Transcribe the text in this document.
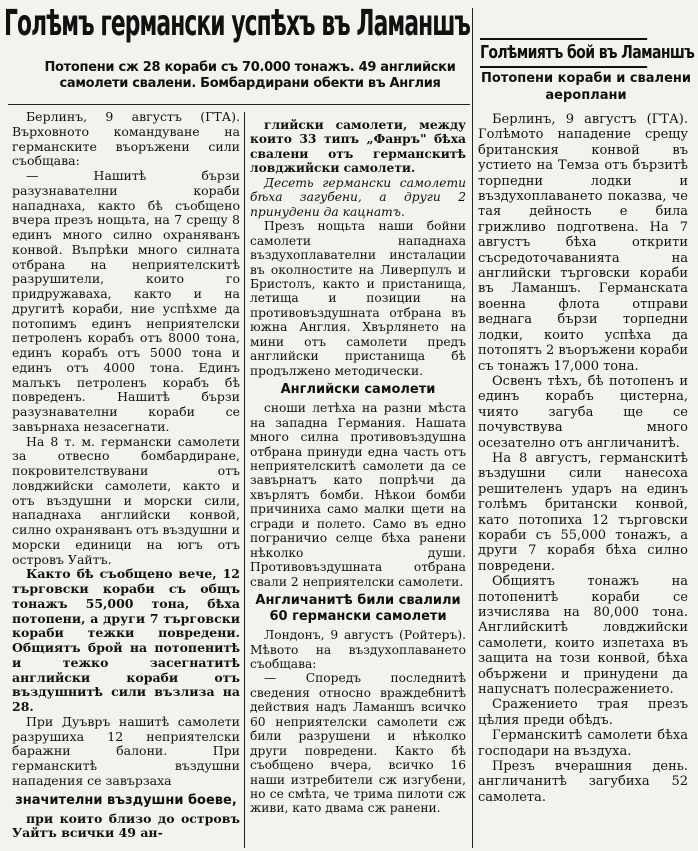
Голѣмъ германски успѣхъ въ Ламаншъ
Потопени сж 28 кораби съ 70.000 тонажъ. 49 английски самолети свалени. Бомбардирани обекти въ Англия
Голѣмиятъ бой въ Ламаншъ
Потопени кораби и свалени аероплани

Берлинъ, 9 августъ (ГТА). Върховното командуване на германските въоръжени сили съобщава:

— Нашитѣ бързи разузнавателни кораби нападнаха, както бѣ съобщено вчера презъ нощьта, на 7 срещу 8 единъ много силно охраняванъ конвой. Въпрѣки много силната отбрана на неприятелскитѣ разрушители, които го придружаваха, както и на другитѣ кораби, ние успѣхме да потопимъ единъ неприятелски петроленъ корабъ отъ 8000 тона, единъ корабъ отъ 5000 тона и единъ отъ 4000 тона. Единъ малъкъ петроленъ корабъ бѣ повреденъ. Нашитѣ бързи разузнавателни кораби се завърнаха незасегнати.

На 8 т. м. германски самолети за отвесно бомбардиране, покровителствувани отъ ловджийски самолети, както и отъ въздушни и морски сили, нападнаха английски конвой, силно охраняванъ отъ въздушни и морски единици на югъ отъ островъ Уайтъ.

Както бѣ съобщено вече, 12 търговски кораби съ общъ тонажъ 55,000 тона, бѣха потопени, а други 7 търговски кораби тежки повредени. Общиятъ брой на потопенитѣ и тежко засегнатитѣ английски кораби отъ въздушнитѣ сили възлиза на 28.

При Дуъвръ нашитѣ самолети разрушиха 12 неприятелски баражни балони. При германскитѣ въздушни нападения се завързаха

значителни въздушни боеве,

при които близо до островъ Уайтъ всички 49 ан-

глийски самолети, между които 33 типъ „Фанръ" бѣха свалени отъ германскитѣ ловджийски самолети.

Десеть германски самолети бѣха загубени, а други 2 принудени да кацнатъ.

Презъ нощьта нaши бойни самолети нападнаха въздухоплавателни инсталации въ околностите на Ливерпулъ и Бристолъ, както и пристанища, летища и позиции на противовъздушната отбрана въ южна Англия. Хвърлянето на мини отъ самолети предъ английски пристанища бѣ продължено методически.

Английски самолети

сноши летѣха на разни мѣста на западна Германия. Нашата много силна противовъздушна отбрана принуди една часть отъ неприятелскитѣ самолети да се завърнатъ като попрѣчи да хвърлятъ бомби. Нѣкои бомби причиниха само малки щети на сгради и полето. Само въ едно пограничио селце бѣха ранени нѣколко души. Противовъздушната отбрана свали 2 неприятелски самолети.

Англичанитѣ били свалили 60 германски самолети

Лондонъ, 9 августъ (Ройтеръ). Мѣвото на въздухоплаването съобщава:

— Споредъ последнитѣ сведения относно враждебнитѣ действия надъ Ламаншъ всичко 60 неприятелски самолети сж били разрушени и нѣколко други повредени. Както бѣ съобщено вчера, всичко 16 наши изтребители сж изгубени, но се смѣта, че трима пилоти сж живи, като двама сж ранени.

Берлинъ, 9 августъ (ГТА). Голѣмото нападение срещу британския конвой въ устието на Темза отъ бързитѣ торпедни лодки и въздухоплаването показва, че тая дейность е била грижливо подготвена. На 7 августъ бѣха открити съсредоточаванията на английски търговски кораби въ Ламаншъ. Германската военна флота отправи веднага бързи торпедни лодки, които успѣха да потопятъ 2 въоръжени кораби съ тонажъ 17,000 тона.

Освенъ тѣхъ, бѣ потопенъ и единъ корабъ цистерна, чиято загуба ще се почувствува много осезателно отъ англичанитѣ.

На 8 августъ, германскитѣ въздушни сили нанесоха решителенъ ударъ на единъ голѣмъ британски конвой, като потопиха 12 търговски кораби съ 55,000 тонажъ, а други 7 корабя бѣха силно повредени.

Общиятъ тонажъ на потопенитѣ кораби се изчислява на 80,000 тона. Английскитѣ ловджийски самолети, които изпетаха въ защита на този конвой, бѣха обържени и принудени да напуснатъ полесражението.

Сражението трая презъ цѣлия преди обѣдъ.

Германскитѣ самолети бѣха господари на въздуха.

Презъ вчерашния день. англичанитѣ загубиха 52 самолета.
